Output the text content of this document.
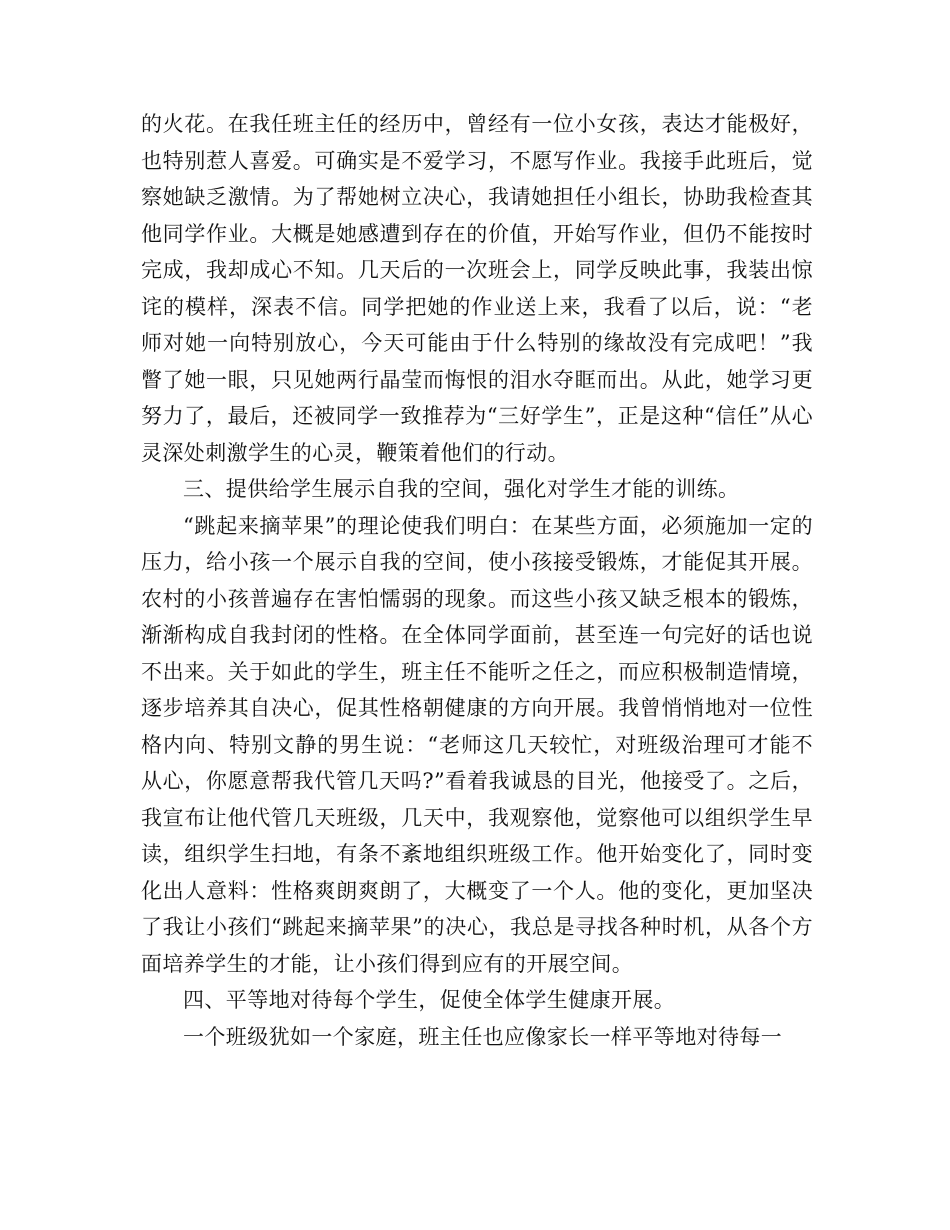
的火花。在我任班主任的经历中，曾经有一位小女孩，表达才能极好，也特别惹人喜爱。可确实是不爱学习，不愿写作业。我接手此班后，觉察她缺乏激情。为了帮她树立决心，我请她担任小组长，协助我检查其他同学作业。大概是她感遭到存在的价值，开始写作业，但仍不能按时完成，我却成心不知。几天后的一次班会上，同学反映此事，我装出惊诧的模样，深表不信。同学把她的作业送上来，我看了以后，说：“老师对她一向特别放心，今天可能由于什么特别的缘故没有完成吧！”我瞥了她一眼，只见她两行晶莹而悔恨的泪水夺眶而出。从此，她学习更努力了，最后，还被同学一致推荐为“三好学生”，正是这种“信任”从心灵深处刺激学生的心灵，鞭策着他们的行动。

三、提供给学生展示自我的空间，强化对学生才能的训练。

“跳起来摘苹果”的理论使我们明白：在某些方面，必须施加一定的压力，给小孩一个展示自我的空间，使小孩接受锻炼，才能促其开展。农村的小孩普遍存在害怕懦弱的现象。而这些小孩又缺乏根本的锻炼，渐渐构成自我封闭的性格。在全体同学面前，甚至连一句完好的话也说不出来。关于如此的学生，班主任不能听之任之，而应积极制造情境，逐步培养其自决心，促其性格朝健康的方向开展。我曾悄悄地对一位性格内向、特别文静的男生说：“老师这几天较忙，对班级治理可才能不从心，你愿意帮我代管几天吗?”看着我诚恳的目光，他接受了。之后，我宣布让他代管几天班级，几天中，我观察他，觉察他可以组织学生早读，组织学生扫地，有条不紊地组织班级工作。他开始变化了，同时变化出人意料：性格爽朗爽朗了，大概变了一个人。他的变化，更加坚决了我让小孩们“跳起来摘苹果”的决心，我总是寻找各种时机，从各个方面培养学生的才能，让小孩们得到应有的开展空间。

四、平等地对待每个学生，促使全体学生健康开展。

一个班级犹如一个家庭，班主任也应像家长一样平等地对待每一
